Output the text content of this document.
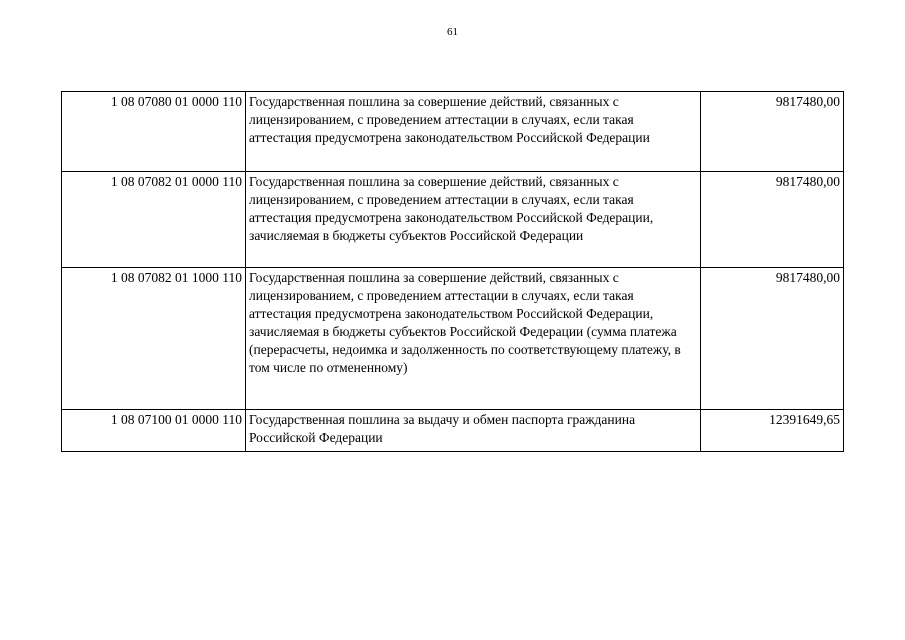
61
1 08 07080 01 0000 110	Государственная пошлина за совершение действий, связанных с лицензированием, с проведением аттестации в случаях, если такая аттестация предусмотрена законодательством Российской Федерации	9817480,00
1 08 07082 01 0000 110	Государственная пошлина за совершение действий, связанных с лицензированием, с проведением аттестации в случаях, если такая аттестация предусмотрена законодательством Российской Федерации, зачисляемая в бюджеты субъектов Российской Федерации	9817480,00
1 08 07082 01 1000 110	Государственная пошлина за совершение действий, связанных с лицензированием, с проведением аттестации в случаях, если такая аттестация предусмотрена законодательством Российской Федерации, зачисляемая в бюджеты субъектов Российской Федерации (сумма платежа (перерасчеты, недоимка и задолженность по соответствующему платежу, в том числе по отмененному)	9817480,00
1 08 07100 01 0000 110	Государственная пошлина за выдачу и обмен паспорта гражданина Российской Федерации	12391649,65
